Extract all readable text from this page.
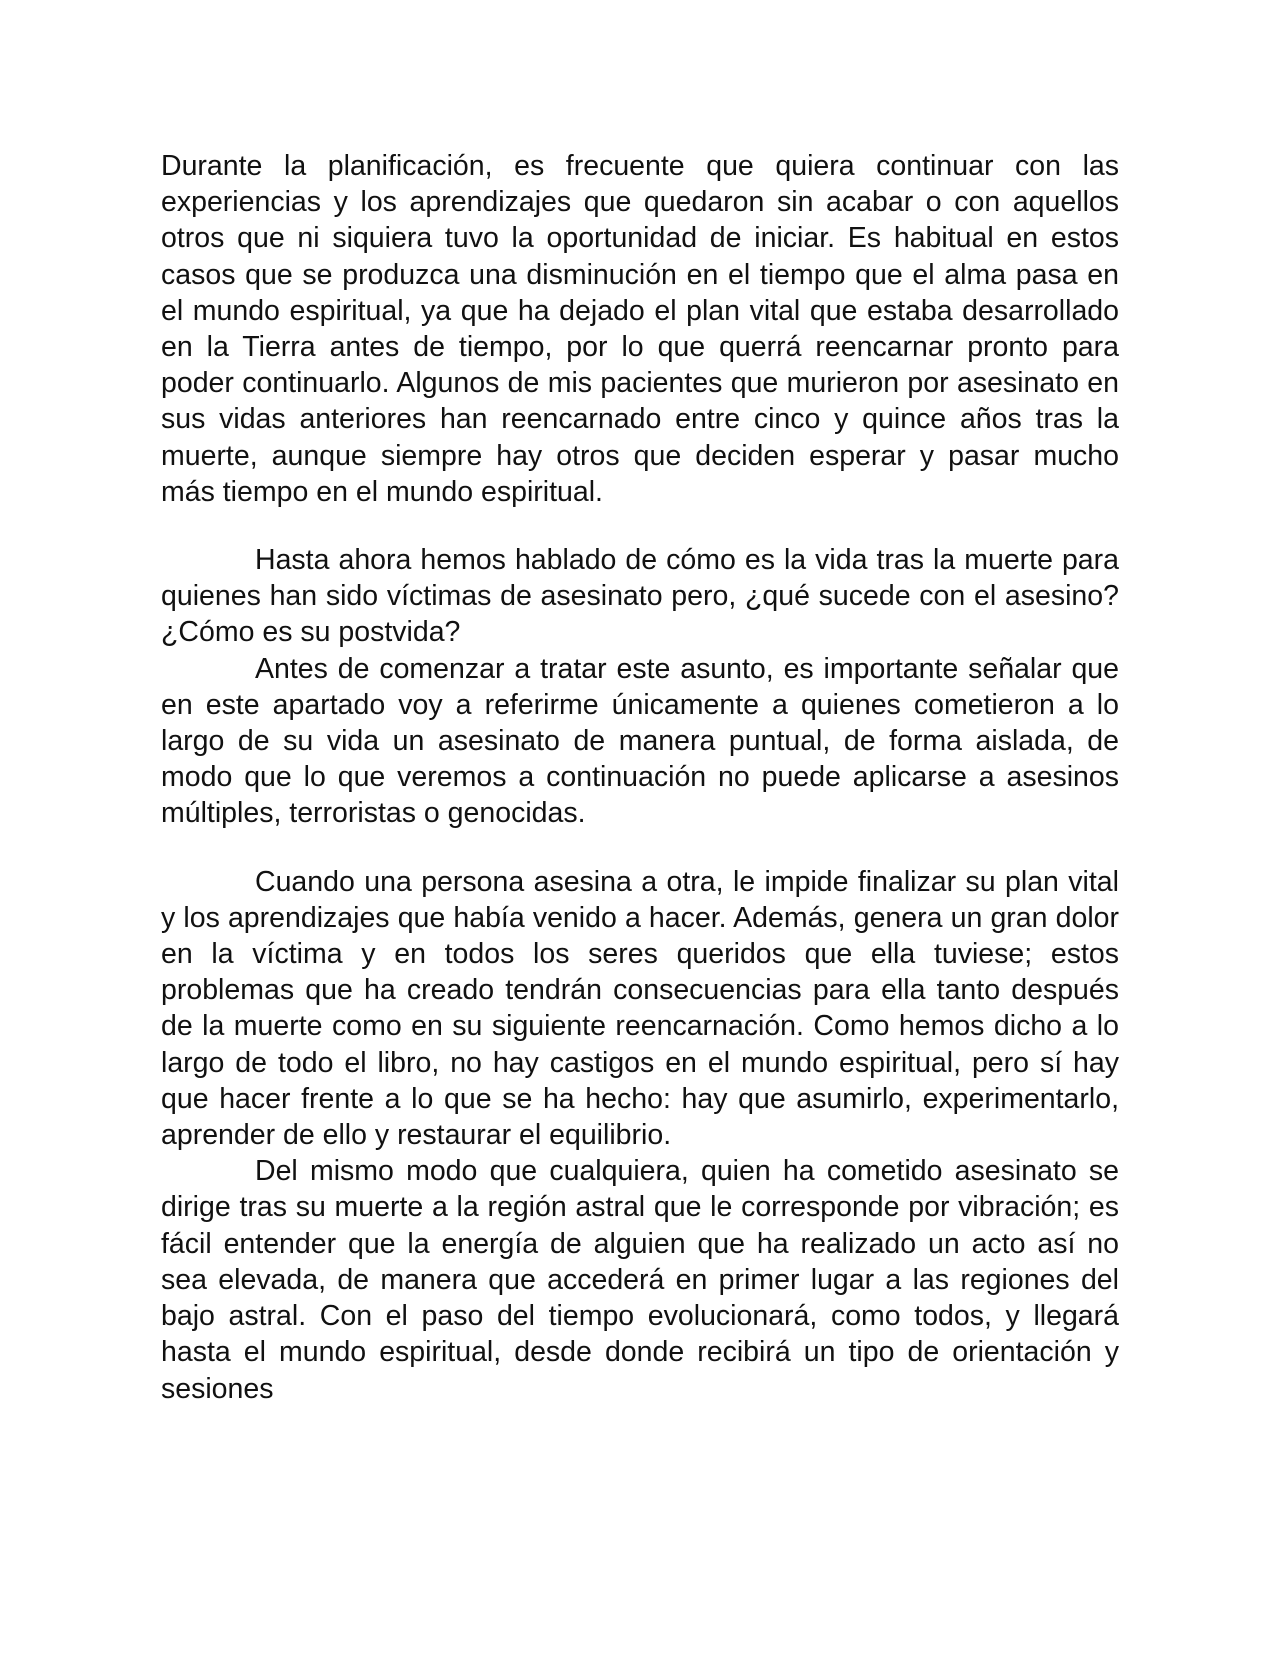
Durante la planificación, es frecuente que quiera continuar con las experiencias y los aprendizajes que quedaron sin acabar o con aquellos otros que ni siquiera tuvo la oportunidad de iniciar. Es habitual en estos casos que se produzca una disminución en el tiempo que el alma pasa en el mundo espiritual, ya que ha dejado el plan vital que estaba desarrollado en la Tierra antes de tiempo, por lo que querrá reencarnar pronto para poder continuarlo. Algunos de mis pacientes que murieron por asesinato en sus vidas anteriores han reencarnado entre cinco y quince años tras la muerte, aunque siempre hay otros que deciden esperar y pasar mucho más tiempo en el mundo espiritual.

Hasta ahora hemos hablado de cómo es la vida tras la muerte para quienes han sido víctimas de asesinato pero, ¿qué sucede con el asesino? ¿Cómo es su postvida?

Antes de comenzar a tratar este asunto, es importante señalar que en este apartado voy a referirme únicamente a quienes cometieron a lo largo de su vida un asesinato de manera puntual, de forma aislada, de modo que lo que veremos a continuación no puede aplicarse a asesinos múltiples, terroristas o genocidas.

Cuando una persona asesina a otra, le impide finalizar su plan vital y los aprendizajes que había venido a hacer. Además, genera un gran dolor en la víctima y en todos los seres queridos que ella tuviese; estos problemas que ha creado tendrán consecuencias para ella tanto después de la muerte como en su siguiente reencarnación. Como hemos dicho a lo largo de todo el libro, no hay castigos en el mundo espiritual, pero sí hay que hacer frente a lo que se ha hecho: hay que asumirlo, experimentarlo, aprender de ello y restaurar el equilibrio.

Del mismo modo que cualquiera, quien ha cometido asesinato se dirige tras su muerte a la región astral que le corresponde por vibración; es fácil entender que la energía de alguien que ha realizado un acto así no sea elevada, de manera que accederá en primer lugar a las regiones del bajo astral. Con el paso del tiempo evolucionará, como todos, y llegará hasta el mundo espiritual, desde donde recibirá un tipo de orientación y sesiones
